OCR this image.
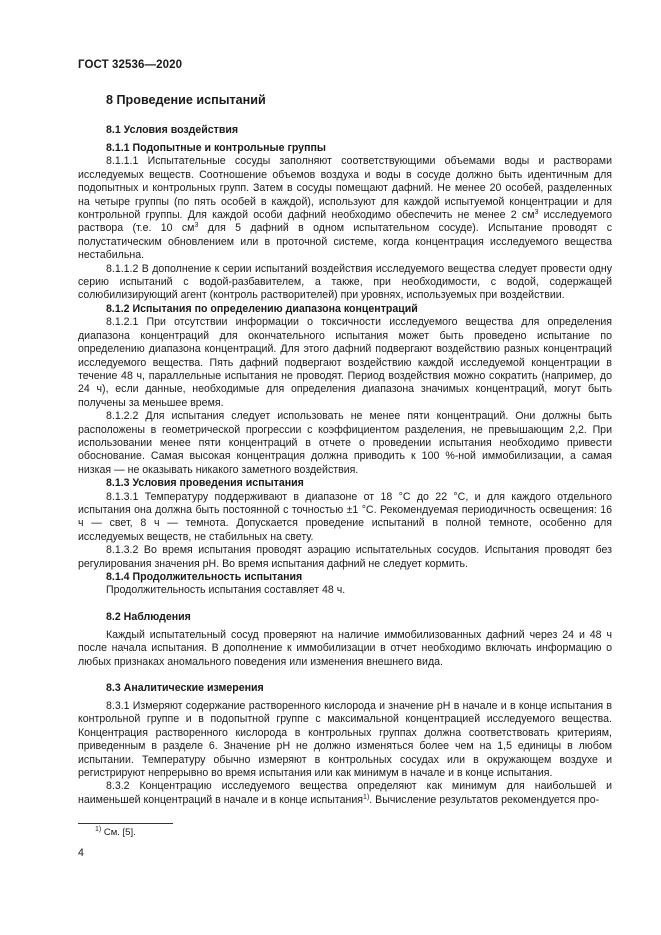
ГОСТ 32536—2020
8 Проведение испытаний
8.1 Условия воздействия
8.1.1 Подопытные и контрольные группы

8.1.1.1 Испытательные сосуды заполняют соответствующими объемами воды и растворами исследуемых веществ. Соотношение объемов воздуха и воды в сосуде должно быть идентичным для подопытных и контрольных групп. Затем в сосуды помещают дафний. Не менее 20 особей, разделенных на четыре группы (по пять особей в каждой), используют для каждой испытуемой концентрации и для контрольной группы. Для каждой особи дафний необходимо обеспечить не менее 2 $см^3$ исследуемого раствора (т.е. 10 $см^3$ для 5 дафний в одном испытательном сосуде). Испытание проводят с полустатическим обновлением или в проточной системе, когда концентрация исследуемого вещества нестабильна.

8.1.1.2 В дополнение к серии испытаний воздействия исследуемого вещества следует провести одну серию испытаний с водой-разбавителем, а также, при необходимости, с водой, содержащей солюбилизирующий агент (контроль растворителей) при уровнях, используемых при воздействии.

8.1.2 Испытания по определению диапазона концентраций

8.1.2.1 При отсутствии информации о токсичности исследуемого вещества для определения диапазона концентраций для окончательного испытания может быть проведено испытание по определению диапазона концентраций. Для этого дафний подвергают воздействию разных концентраций исследуемого вещества. Пять дафний подвергают воздействию каждой исследуемой концентрации в течение 48 ч, параллельные испытания не проводят. Период воздействия можно сократить (например, до 24 ч), если данные, необходимые для определения диапазона значимых концентраций, могут быть получены за меньшее время.

8.1.2.2 Для испытания следует использовать не менее пяти концентраций. Они должны быть расположены в геометрической прогрессии с коэффициентом разделения, не превышающим 2,2. При использовании менее пяти концентраций в отчете о проведении испытания необходимо привести обоснование. Самая высокая концентрация должна приводить к 100 %-ной иммобилизации, а самая низкая — не оказывать никакого заметного воздействия.

8.1.3 Условия проведения испытания

8.1.3.1 Температуру поддерживают в диапазоне от 18 °С до 22 °С, и для каждого отдельного испытания она должна быть постоянной с точностью ±1 °С. Рекомендуемая периодичность освещения: 16 ч — свет, 8 ч — темнота. Допускается проведение испытаний в полной темноте, особенно для исследуемых веществ, не стабильных на свету.

8.1.3.2 Во время испытания проводят аэрацию испытательных сосудов. Испытания проводят без регулирования значения pH. Во время испытания дафний не следует кормить.

8.1.4 Продолжительность испытания

Продолжительность испытания составляет 48 ч.

8.2 Наблюдения

Каждый испытательный сосуд проверяют на наличие иммобилизованных дафний через 24 и 48 ч после начала испытания. В дополнение к иммобилизации в отчет необходимо включать информацию о любых признаках аномального поведения или изменения внешнего вида.

8.3 Аналитические измерения

8.3.1 Измеряют содержание растворенного кислорода и значение pH в начале и в конце испытания в контрольной группе и в подопытной группе с максимальной концентрацией исследуемого вещества. Концентрация растворенного кислорода в контрольных группах должна соответствовать критериям, приведенным в разделе 6. Значение pH не должно изменяться более чем на 1,5 единицы в любом испытании. Температуру обычно измеряют в контрольных сосудах или в окружающем воздухе и регистрируют непрерывно во время испытания или как минимум в начале и в конце испытания.

8.3.2 Концентрацию исследуемого вещества определяют как минимум для наибольшей и наименьшей концентраций в начале и в конце испытания$^{1)}$. Вычисление результатов рекомендуется про-

$^{1)}$ См. [5].
4
